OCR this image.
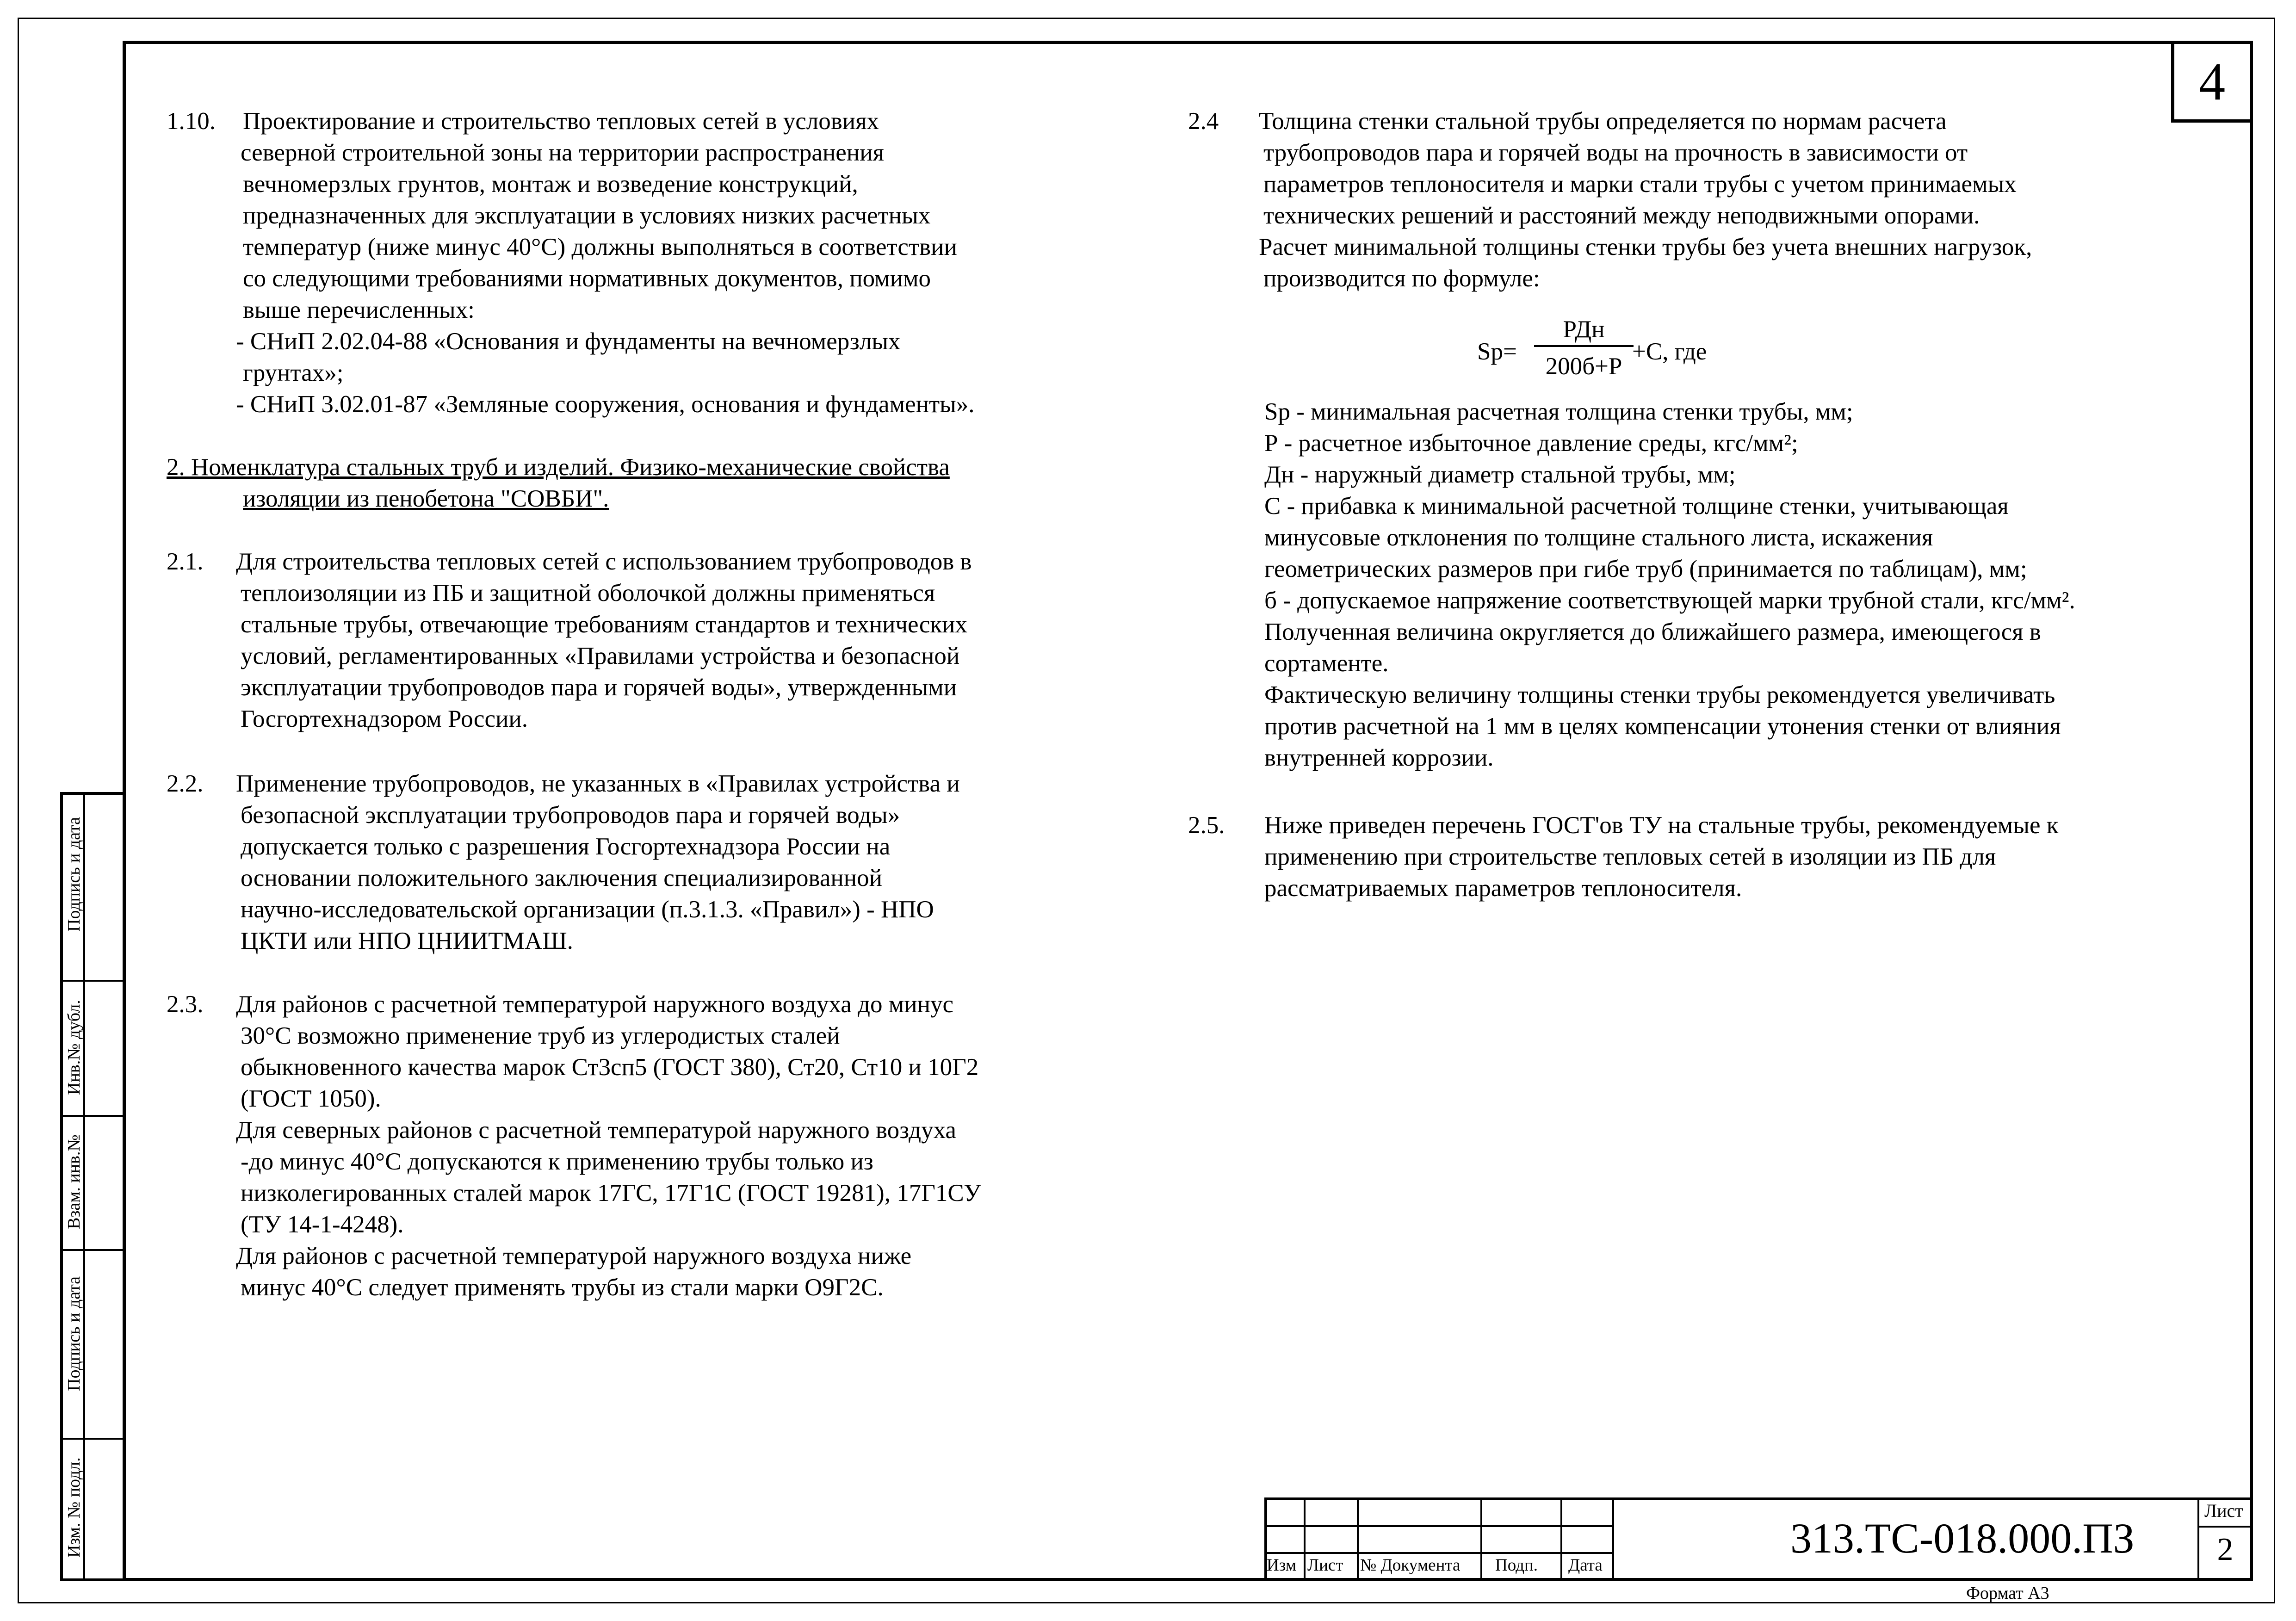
4
Подпись и дата
Инв.№ дубл.
Взам. инв.№
Подпись и дата
Изм. № подл.
1.10. Проектирование и строительство тепловых сетей в условиях

северной строительной зоны на территории распространения

вечномерзлых грунтов, монтаж и возведение конструкций,

предназначенных для эксплуатации в условиях низких расчетных

температур (ниже минус 40°С) должны выполняться в соответствии

со следующими требованиями нормативных документов, помимо

выше перечисленных:

- СНиП 2.02.04-88 «Основания и фундаменты на вечномерзлых

грунтах»;

- СНиП 3.02.01-87 «Земляные сооружения, основания и фундаменты».

2. Номенклатура стальных труб и изделий. Физико-механические свойства

изоляции из пенобетона "СОВБИ".

2.1. Для строительства тепловых сетей с использованием трубопроводов в

теплоизоляции из ПБ и защитной оболочкой должны применяться

стальные трубы, отвечающие требованиям стандартов и технических

условий, регламентированных «Правилами устройства и безопасной

эксплуатации трубопроводов пара и горячей воды», утвержденными

Госгортехнадзором России.

2.2. Применение трубопроводов, не указанных в «Правилах устройства и

безопасной эксплуатации трубопроводов пара и горячей воды»

допускается только с разрешения Госгортехнадзора России на

основании положительного заключения специализированной

научно-исследовательской организации (п.3.1.3. «Правил») - НПО

ЦКТИ или НПО ЦНИИТМАШ.

2.3. Для районов с расчетной температурой наружного воздуха до минус

30°С возможно применение труб из углеродистых сталей

обыкновенного качества марок Ст3сп5 (ГОСТ 380), Ст20, Ст10 и 10Г2

(ГОСТ 1050).

Для северных районов с расчетной температурой наружного воздуха

-до минус 40°С допускаются к применению трубы только из

низколегированных сталей марок 17ГС, 17Г1С (ГОСТ 19281), 17Г1СУ

(ТУ 14-1-4248).

Для районов с расчетной температурой наружного воздуха ниже

минус 40°С следует применять трубы из стали марки О9Г2С.

2.4 Толщина стенки стальной трубы определяется по нормам расчета

трубопроводов пара и горячей воды на прочность в зависимости от

параметров теплоносителя и марки стали трубы с учетом принимаемых

технических решений и расстояний между неподвижными опорами.

Расчет минимальной толщины стенки трубы без учета внешних нагрузок,

производится по формуле:

Sp=
РДн
200б+Р
+С, где

Sp - минимальная расчетная толщина стенки трубы, мм;

Р - расчетное избыточное давление среды, кгс/мм²;

Дн - наружный диаметр стальной трубы, мм;

С - прибавка к минимальной расчетной толщине стенки, учитывающая

минусовые отклонения по толщине стального листа, искажения

геометрических размеров при гибе труб (принимается по таблицам), мм;

б - допускаемое напряжение соответствующей марки трубной стали, кгс/мм².

Полученная величина округляется до ближайшего размера, имеющегося в

сортаменте.

Фактическую величину толщины стенки трубы рекомендуется увеличивать

против расчетной на 1 мм в целях компенсации утонения стенки от влияния

внутренней коррозии.

2.5. Ниже приведен перечень ГОСТ'ов ТУ на стальные трубы, рекомендуемые к

применению при строительстве тепловых сетей в изоляции из ПБ для

рассматриваемых параметров теплоносителя.

Изм Лист № Документа Подп. Дата
313.ТС-018.000.ПЗ
Лист
2
Формат А3
